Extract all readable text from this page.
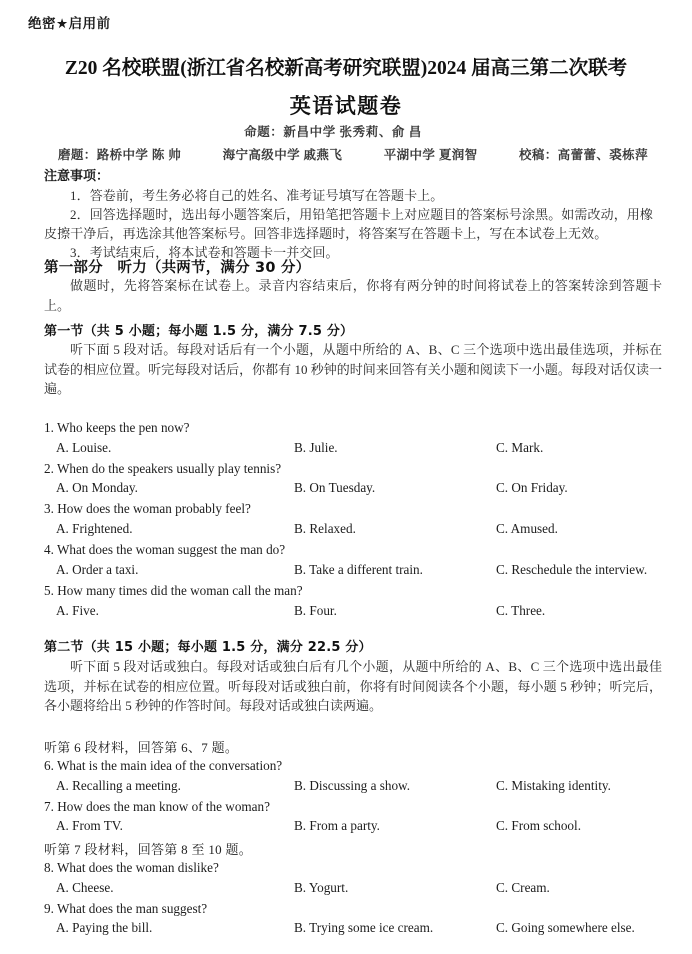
绝密★启用前
Z20 名校联盟(浙江省名校新高考研究联盟)2024 届高三第二次联考
英语试题卷
命题：新昌中学 张秀莉、俞 昌
磨题：路桥中学 陈 帅	海宁高级中学 戚燕飞	平湖中学 夏润智	校稿：高蕾蕾、裘栋萍
注意事项：
1．答卷前，考生务必将自己的姓名、准考证号填写在答题卡上。
2．回答选择题时，选出每小题答案后，用铅笔把答题卡上对应题目的答案标号涂黑。如需改动，用橡皮擦干净后，再选涂其他答案标号。回答非选择题时，将答案写在答题卡上，写在本试卷上无效。
3．考试结束后，将本试卷和答题卡一并交回。
第一部分　听力（共两节，满分 30 分）
做题时，先将答案标在试卷上。录音内容结束后，你将有两分钟的时间将试卷上的答案转涂到答题卡上。
第一节（共 5 小题；每小题 1.5 分，满分 7.5 分）
听下面 5 段对话。每段对话后有一个小题，从题中所给的 A、B、C 三个选项中选出最佳选项，并标在试卷的相应位置。听完每段对话后，你都有 10 秒钟的时间来回答有关小题和阅读下一小题。每段对话仅读一遍。
1. Who keeps the pen now?
A. Louise.	B. Julie.	C. Mark.
2. When do the speakers usually play tennis?
A. On Monday.	B. On Tuesday.	C. On Friday.
3. How does the woman probably feel?
A. Frightened.	B. Relaxed.	C. Amused.
4. What does the woman suggest the man do?
A. Order a taxi.	B. Take a different train.	C. Reschedule the interview.
5. How many times did the woman call the man?
A. Five.	B. Four.	C. Three.
第二节（共 15 小题；每小题 1.5 分，满分 22.5 分）
听下面 5 段对话或独白。每段对话或独白后有几个小题，从题中所给的 A、B、C 三个选项中选出最佳选项，并标在试卷的相应位置。听每段对话或独白前，你将有时间阅读各个小题，每小题 5 秒钟；听完后，各小题将给出 5 秒钟的作答时间。每段对话或独白读两遍。
听第 6 段材料，回答第 6、7 题。
6. What is the main idea of the conversation?
A. Recalling a meeting.	B. Discussing a show.	C. Mistaking identity.
7. How does the man know of the woman?
A. From TV.	B. From a party.	C. From school.
听第 7 段材料，回答第 8 至 10 题。
8. What does the woman dislike?
A. Cheese.	B. Yogurt.	C. Cream.
9. What does the man suggest?
A. Paying the bill.	B. Trying some ice cream.	C. Going somewhere else.
